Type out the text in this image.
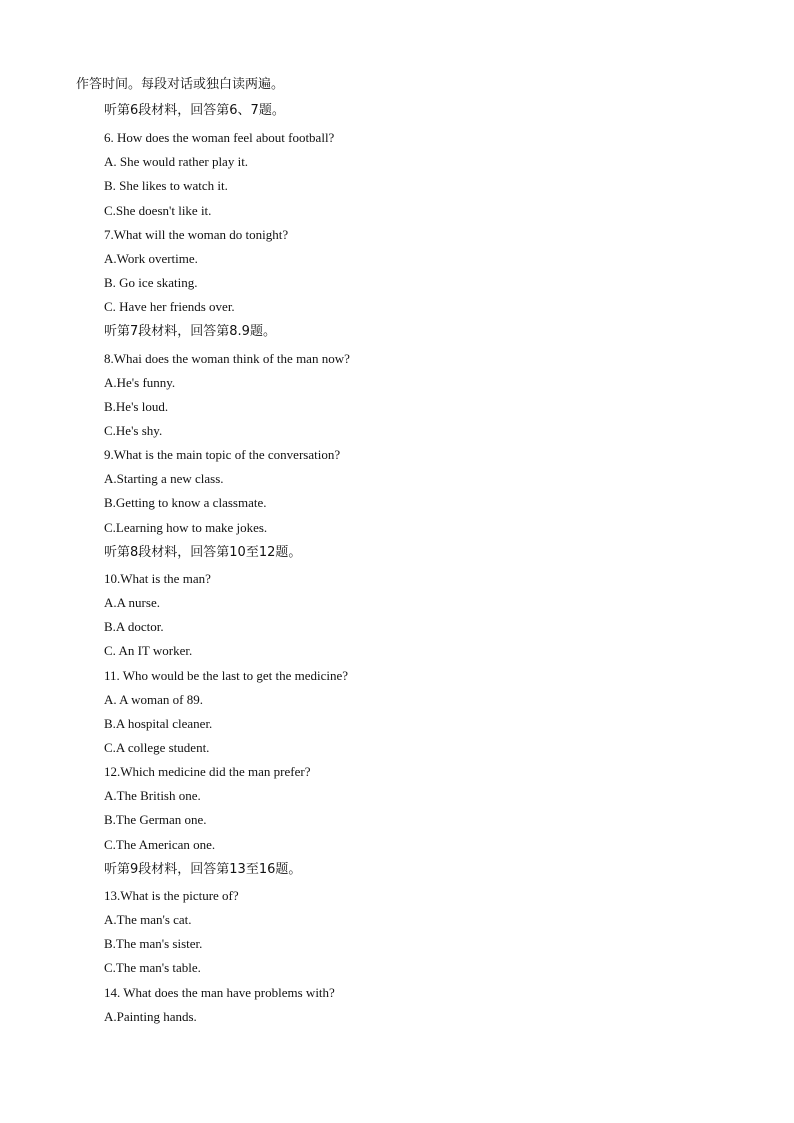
作答时间。每段对话或独白读两遍。
听第6段材料，回答第6、7题。
6. How does the woman feel about football?
A. She would rather play it.
B. She likes to watch it.
C.She doesn't like it.
7.What will the woman do tonight?
A.Work overtime.
B. Go ice skating.
C. Have her friends over.
听第7段材料，回答第8.9题。
8.Whai does the woman think of the man now?
A.He's funny.
B.He's loud.
C.He's shy.
9.What is the main topic of the conversation?
A.Starting a new class.
B.Getting to know a classmate.
C.Learning how to make jokes.
听第8段材料，回答第10至12题。
10.What is the man?
A.A nurse.
B.A doctor.
C. An IT worker.
11. Who would be the last to get the medicine?
A. A woman of 89.
B.A hospital cleaner.
C.A college student.
12.Which medicine did the man prefer?
A.The British one.
B.The German one.
C.The American one.
听第9段材料，回答第13至16题。
13.What is the picture of?
A.The man's cat.
B.The man's sister.
C.The man's table.
14. What does the man have problems with?
A.Painting hands.
